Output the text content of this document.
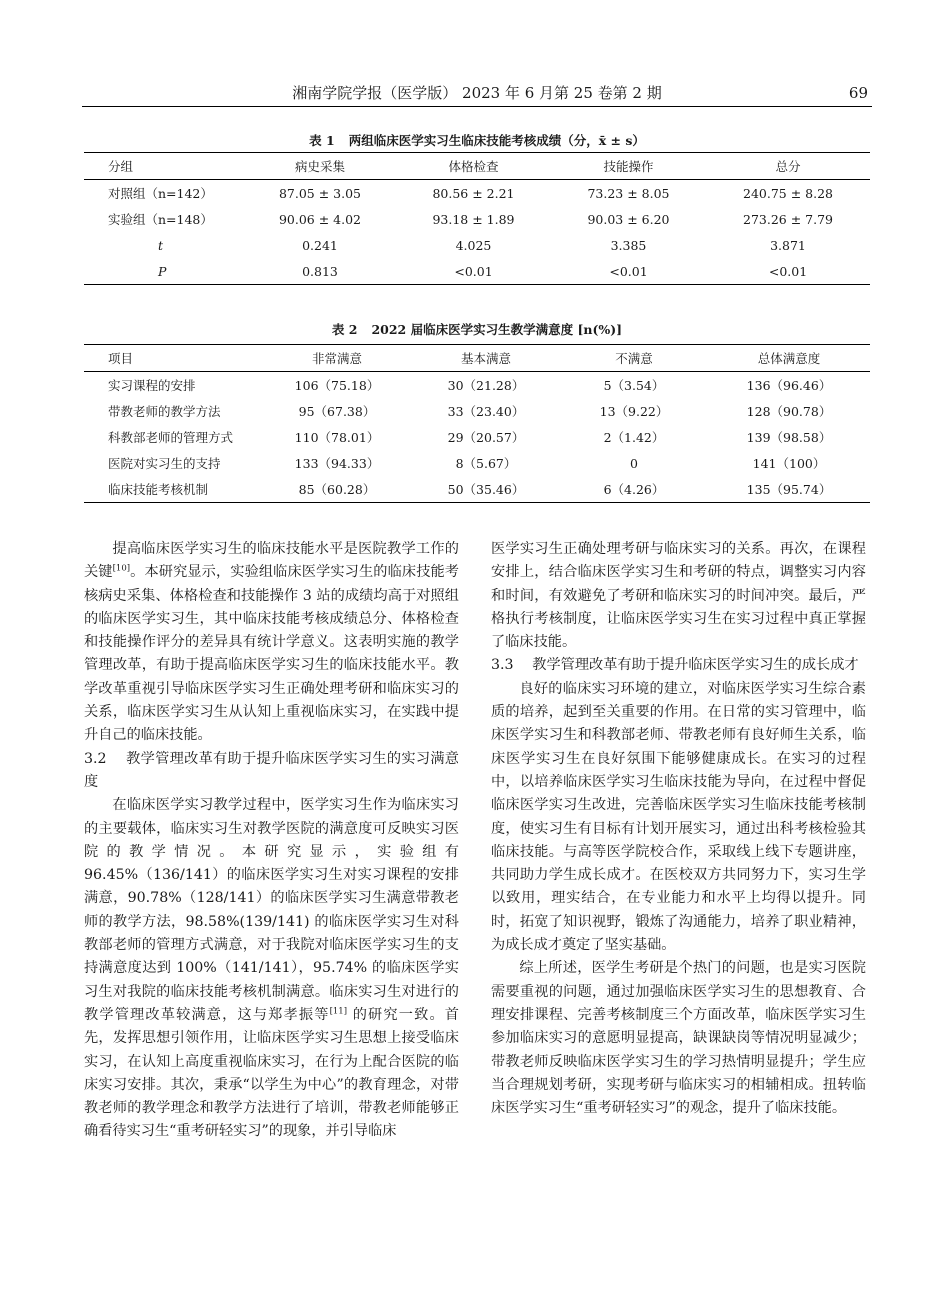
湘南学院学报（医学版） 2023 年 6 月第 25 卷第 2 期	69
表 1 两组临床医学实习生临床技能考核成绩（分，x̄ ± s）
分组	病史采集	体格检查	技能操作	总分
对照组（n=142）	87.05 ± 3.05	80.56 ± 2.21	73.23 ± 8.05	240.75 ± 8.28
实验组（n=148）	90.06 ± 4.02	93.18 ± 1.89	90.03 ± 6.20	273.26 ± 7.79
t	0.241	4.025	3.385	3.871
P	0.813	<0.01	<0.01	<0.01
表 2 2022 届临床医学实习生教学满意度 [n(%)]
项目	非常满意	基本满意	不满意	总体满意度
实习课程的安排	106（75.18）	30（21.28）	5（3.54）	136（96.46）
带教老师的教学方法	95（67.38）	33（23.40）	13（9.22）	128（90.78）
科教部老师的管理方式	110（78.01）	29（20.57）	2（1.42）	139（98.58）
医院对实习生的支持	133（94.33）	8（5.67）	0	141（100）
临床技能考核机制	85（60.28）	50（35.46）	6（4.26）	135（95.74）

提高临床医学实习生的临床技能水平是医院教学工作的关键[10]。本研究显示，实验组临床医学实习生的临床技能考核病史采集、体格检查和技能操作 3 站的成绩均高于对照组的临床医学实习生，其中临床技能考核成绩总分、体格检查和技能操作评分的差异具有统计学意义。这表明实施的教学管理改革，有助于提高临床医学实习生的临床技能水平。教学改革重视引导临床医学实习生正确处理考研和临床实习的关系，临床医学实习生从认知上重视临床实习，在实践中提升自己的临床技能。

3.2　 教学管理改革有助于提升临床医学实习生的实习满意度

在临床医学实习教学过程中，医学实习生作为临床实习的主要载体，临床实习生对教学医院的满意度可反映实习医院的教学情况。本研究显示，实验组有 96.45%（136/141）的临床医学实习生对实习课程的安排满意，90.78%（128/141）的临床医学实习生满意带教老师的教学方法，98.58%(139/141) 的临床医学实习生对科教部老师的管理方式满意，对于我院对临床医学实习生的支持满意度达到 100%（141/141），95.74% 的临床医学实习生对我院的临床技能考核机制满意。临床实习生对进行的教学管理改革较满意，这与郑孝振等[11] 的研究一致。首先，发挥思想引领作用，让临床医学实习生思想上接受临床实习，在认知上高度重视临床实习，在行为上配合医院的临床实习安排。其次，秉承“以学生为中心”的教育理念，对带教老师的教学理念和教学方法进行了培训，带教老师能够正确看待实习生“重考研轻实习”的现象，并引导临床

医学实习生正确处理考研与临床实习的关系。再次，在课程安排上，结合临床医学实习生和考研的特点，调整实习内容和时间，有效避免了考研和临床实习的时间冲突。最后，严格执行考核制度，让临床医学实习生在实习过程中真正掌握了临床技能。

3.3　 教学管理改革有助于提升临床医学实习生的成长成才

良好的临床实习环境的建立，对临床医学实习生综合素质的培养，起到至关重要的作用。在日常的实习管理中，临床医学实习生和科教部老师、带教老师有良好师生关系，临床医学实习生在良好氛围下能够健康成长。在实习的过程中，以培养临床医学实习生临床技能为导向，在过程中督促临床医学实习生改进，完善临床医学实习生临床技能考核制度，使实习生有目标有计划开展实习，通过出科考核检验其临床技能。与高等医学院校合作，采取线上线下专题讲座，共同助力学生成长成才。在医校双方共同努力下，实习生学以致用，理实结合，在专业能力和水平上均得以提升。同时，拓宽了知识视野，锻炼了沟通能力，培养了职业精神，为成长成才奠定了坚实基础。

综上所述，医学生考研是个热门的问题，也是实习医院需要重视的问题，通过加强临床医学实习生的思想教育、合理安排课程、完善考核制度三个方面改革，临床医学实习生参加临床实习的意愿明显提高，缺课缺岗等情况明显减少；带教老师反映临床医学实习生的学习热情明显提升；学生应当合理规划考研，实现考研与临床实习的相辅相成。扭转临床医学实习生“重考研轻实习”的观念，提升了临床技能。
